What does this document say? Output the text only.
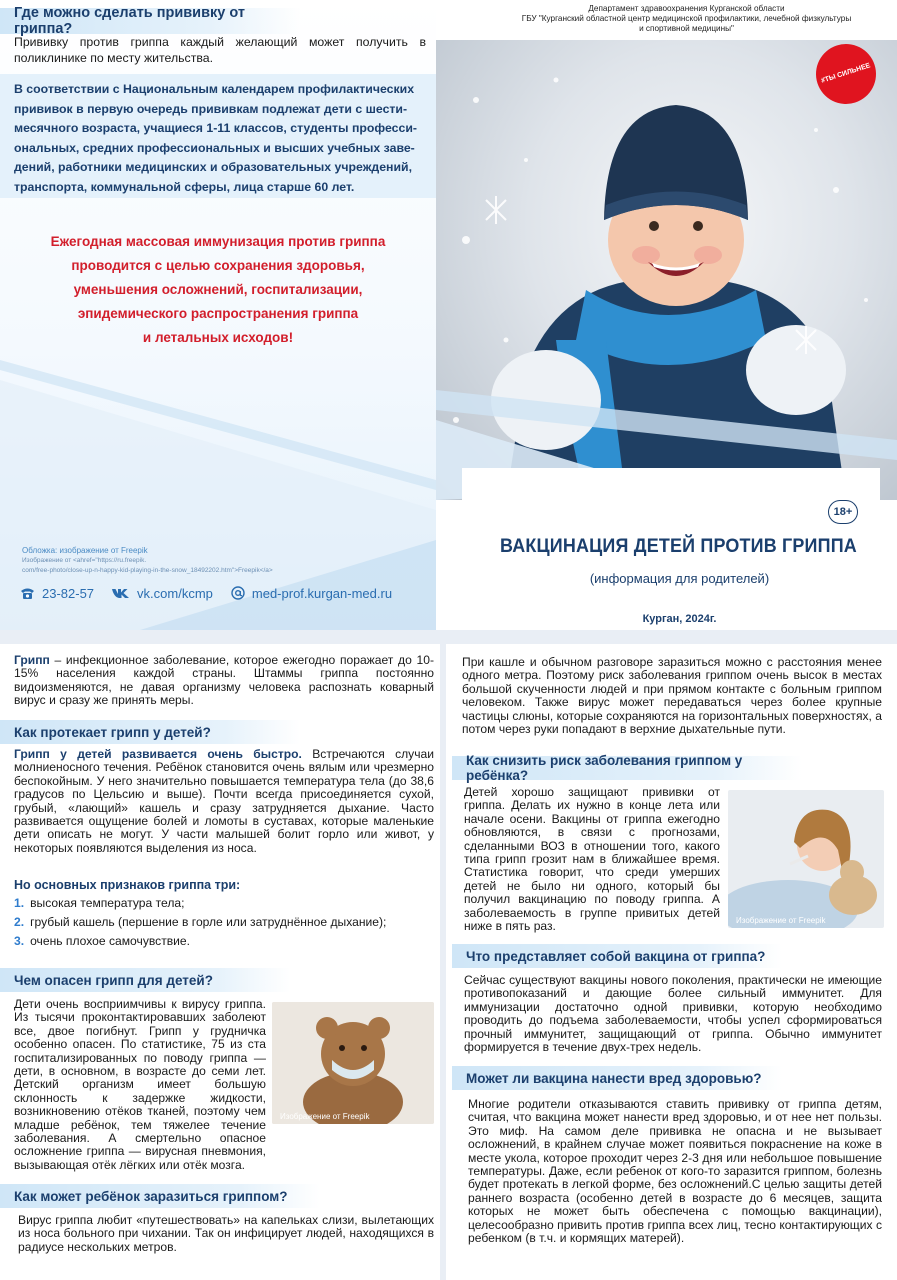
Где можно сделать прививку от гриппа?
Прививку против гриппа каждый желающий может получить в поликлинике по месту жительства.
В соответствии с Национальным календарем профилактических
прививок в первую очередь прививкам подлежат дети с шести-
месячного возраста, учащиеся 1-11 классов, студенты професси-
ональных, средних профессиональных и высших учебных заве-
дений, работники медицинских и образовательных учреждений,
транспорта, коммунальной сферы, лица старше 60 лет.
Ежегодная массовая иммунизация против гриппа
проводится с целью сохранения здоровья,
уменьшения осложнений, госпитализации,
эпидемического распространения гриппа
и летальных исходов!
Обложка: изображение от Freepik
Изображение от <ahref="https://ru.freepik.
com/free-photo/close-up-n-happy-kid-playing-in-the-snow_18492202.htm">Freepik</a>
23-82-57	vk.com/kcmp	med-prof.kurgan-med.ru
Департамент здравоохранения Курганской области
ГБУ "Курганский областной центр медицинской профилактики, лечебной физкультуры
и спортивной медицины"
#ТЫ СИЛЬНЕЕ
18+
ВАКЦИНАЦИЯ ДЕТЕЙ ПРОТИВ ГРИППА
(информация для родителей)
Курган, 2024г.
Грипп – инфекционное заболевание, которое ежегодно поражает до 10-15% населения каждой страны. Штаммы гриппа постоянно видоизменяются, не давая организму человека распознать коварный вирус и сразу же принять меры.
Как протекает грипп у детей?
Грипп у детей развивается очень быстро. Встречаются случаи молниеносного течения. Ребёнок становится очень вялым или чрезмерно беспокойным. У него значительно повышается температура тела (до 38,6 градусов по Цельсию и выше). Почти всегда присоединяется сухой, грубый, «лающий» кашель и сразу затрудняется дыхание. Часто развивается ощущение болей и ломоты в суставах, которые маленькие дети описать не могут. У части малышей болит горло или живот, у некоторых появляются выделения из носа.
Но основных признаков гриппа три:
1. высокая температура тела;
2. грубый кашель (першение в горле или затруднённое дыхание);
3. очень плохое самочувствие.
Чем опасен грипп для детей?
Изображение от Freepik
Дети очень восприимчивы к вирусу гриппа. Из тысячи проконтактировавших заболеют все, двое погибнут. Грипп у грудничка особенно опасен. По статистике, 75 из ста госпитализированных по поводу гриппа — дети, в основном, в возрасте до семи лет. Детский организм имеет большую склонность к задержке жидкости, возникновению отёков тканей, поэтому чем младше ребёнок, тем тяжелее течение заболевания. А смертельно опасное осложнение гриппа — вирусная пневмония, вызывающая отёк лёгких или отёк мозга.
Как может ребёнок заразиться гриппом?
Вирус гриппа любит «путешествовать» на капельках слизи, вылетающих из носа больного при чихании. Так он инфицирует людей, находящихся в радиусе нескольких метров.
При кашле и обычном разговоре заразиться можно с расстояния менее одного метра. Поэтому риск заболевания гриппом очень высок в местах большой скученности людей и при прямом контакте с больным гриппом человеком. Также вирус может передаваться через более крупные частицы слюны, которые сохраняются на горизонтальных поверхностях, а потом через руки попадают в верхние дыхательные пути.
Как снизить риск заболевания гриппом у ребёнка?
Детей хорошо защищают прививки от гриппа. Делать их нужно в конце лета или начале осени. Вакцины от гриппа ежегодно обновляются, в связи с прогнозами, сделанными ВОЗ в отношении того, какого типа грипп грозит нам в ближайшее время. Статистика говорит, что среди умерших детей не было ни одного, который бы получил вакцинацию по поводу гриппа. А заболеваемость в группе привитых детей ниже в пять раз.	Изображение от Freepik
Что представляет собой вакцина от гриппа?
Сейчас существуют вакцины нового поколения, практически не имеющие противопоказаний и дающие более сильный иммунитет. Для иммунизации достаточно одной прививки, которую необходимо проводить до подъема заболеваемости, чтобы успел сформироваться прочный иммунитет, защищающий от гриппа. Обычно иммунитет формируется в течение двух-трех недель.
Может ли вакцина нанести вред здоровью?
Многие родители отказываются ставить прививку от гриппа детям, считая, что вакцина может нанести вред здоровью, и от нее нет пользы. Это миф. На самом деле прививка не опасна и не вызывает осложнений, в крайнем случае может появиться покраснение на коже в месте укола, которое проходит через 2-3 дня или небольшое повышение температуры. Даже, если ребенок от кого-то заразится гриппом, болезнь будет протекать в легкой форме, без осложнений.С целью защиты детей раннего возраста (особенно детей в возрасте до 6 месяцев, защита которых не может быть обеспечена с помощью вакцинации), целесообразно привить против гриппа всех лиц, тесно контактирующих с ребенком (в т.ч. и кормящих матерей).
